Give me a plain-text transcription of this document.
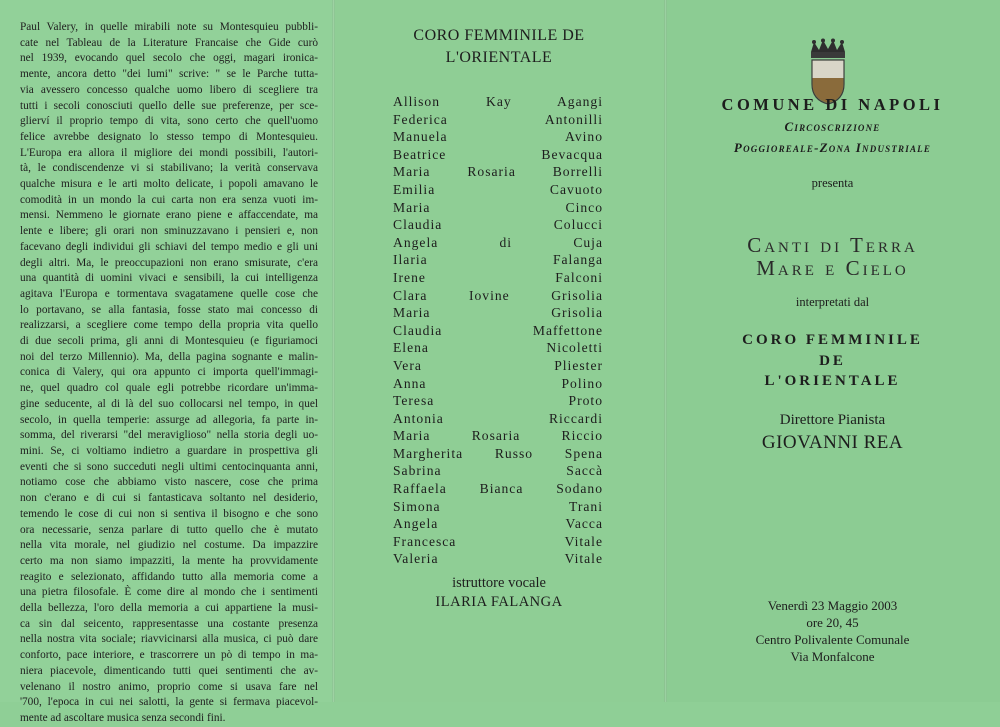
Paul Valery, in quelle mirabili note su Montesquieu pubbli-

cate nel Tableau de la Literature Francaise che Gide curò

nel 1939, evocando quel secolo che oggi, magari ironica-

mente, ancora detto "dei lumi" scrive: " se le Parche tutta-

via avessero concesso qualche uomo libero di scegliere tra

tutti i secoli conosciuti quello delle sue preferenze, per sce-

glierví il proprio tempo di vita, sono certo che quell'uomo

felice avrebbe designato lo stesso tempo di Montesquieu.

L'Europa era allora il migliore dei mondi possibili, l'autori-

tà, le condiscendenze vi si stabilivano; la verità conservava

qualche misura e le arti molto delicate, i popoli amavano le

comodità in un mondo la cui carta non era senza vuoti im-

mensi. Nemmeno le giornate erano piene e affaccendate, ma

lente e libere; gli orari non sminuzzavano i pensieri e, non

facevano degli individui gli schiavi del tempo medio e gli uni

degli altri. Ma, le preoccupazioni non erano smisurate, c'era

una quantità di uomini vivaci e sensibili, la cui intelligenza

agitava l'Europa e tormentava svagatamene quelle cose che

lo portavano, se alla fantasia, fosse stato mai concesso di

realizzarsi, a scegliere come tempo della propria vita quello

di due secoli prima, gli anni di Montesquieu (e figuriamoci

noi del terzo Millennio). Ma, della pagina sognante e malin-

conica di Valery, qui ora appunto ci importa quell'immagi-

ne, quel quadro col quale egli potrebbe ricordare un'imma-

gine seducente, al di là del suo collocarsi nel tempo, in quel

secolo, in quella temperie: assurge ad allegoria, fa parte in-

somma, del riverarsi "del meraviglioso" nella storia degli uo-

mini. Se, ci voltiamo indietro a guardare in prospettiva gli

eventi che si sono succeduti negli ultimi centocinquanta anni,

notiamo cose che abbiamo visto nascere, cose che prima

non c'erano e di cui si fantasticava soltanto nel desiderio,

temendo le cose di cui non si sentiva il bisogno e che sono

ora necessarie, senza parlare di tutto quello che è mutato

nella vita morale, nel giudizio nel costume. Da impazzire

certo ma non siamo impazziti, la mente ha provvidamente

reagito e selezionato, affidando tutto alla memoria come a

una pietra filosofale. È come dire al mondo che i sentimenti

della bellezza, l'oro della memoria a cui appartiene la musi-

ca sin dal seicento, rappresentasse una costante presenza

nella nostra vita sociale; riavvicinarsi alla musica, ci può dare

conforto, pace interiore, e trascorrere un pò di tempo in ma-

niera piacevole, dimenticando tutti quei sentimenti che av-

velenano il nostro animo, proprio come si usava fare nel

'700, l'epoca in cui nei salotti, la gente si fermava piacevol-

mente ad ascoltare musica senza secondi fini.

CORO FEMMINILE DE
L'ORIENTALE
Allison Kay Agangi
Federica Antonilli
Manuela Avino
Beatrice Bevacqua
Maria Rosaria Borrelli
Emilia Cavuoto
Maria Cinco
Claudia Colucci
Angela di Cuja
Ilaria Falanga
Irene Falconi
Clara Iovine Grisolia
Maria Grisolia
Claudia Maffettone
Elena Nicoletti
Vera Pliester
Anna Polino
Teresa Proto
Antonia Riccardi
Maria Rosaria Riccio
Margherita Russo Spena
Sabrina Saccà
Raffaela Bianca Sodano
Simona Trani
Angela Vacca
Francesca Vitale
Valeria Vitale
istruttore vocale
ILARIA FALANGA
COMUNE DI NAPOLI
Circoscrizione
Poggioreale-Zona Industriale
presenta
Canti di Terra
Mare e Cielo
interpretati dal
CORO FEMMINILE
DE
L'ORIENTALE
Direttore Pianista
GIOVANNI REA
Venerdì 23 Maggio 2003
ore 20, 45
Centro Polivalente Comunale
Via Monfalcone
